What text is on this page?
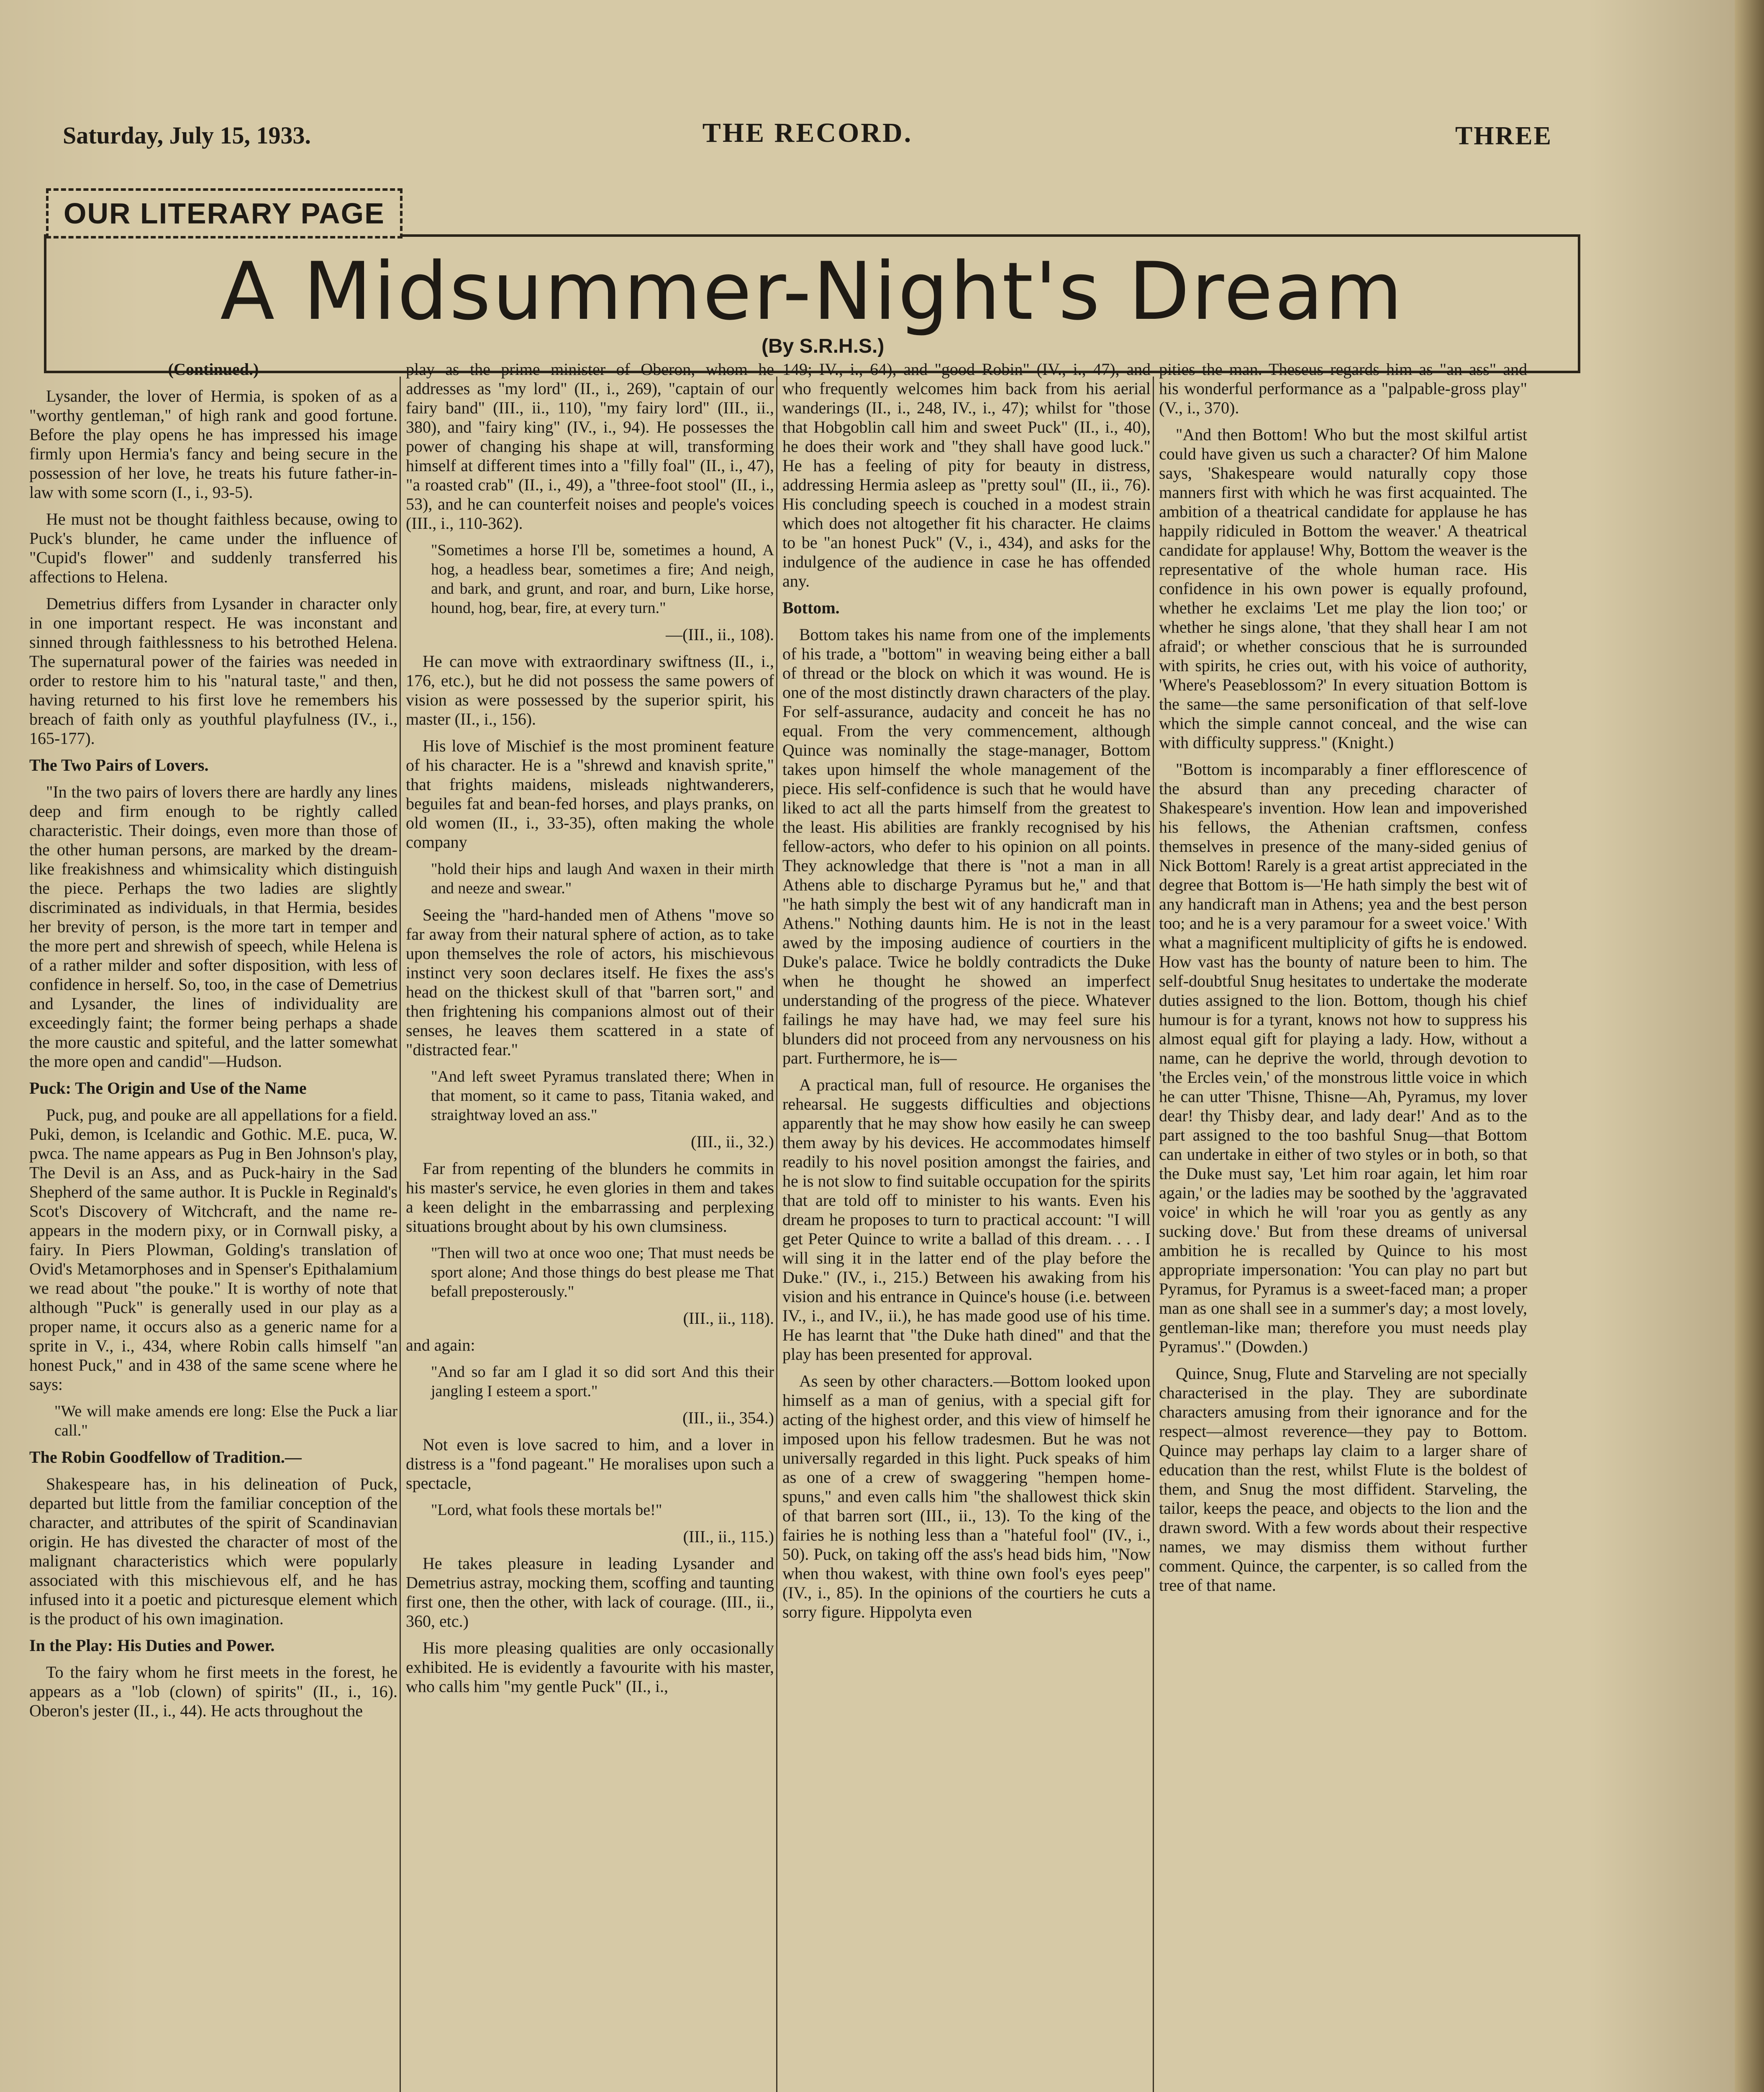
Saturday, July 15, 1933.	THE RECORD.	THREE
A Midsummer-Night's Dream
OUR LITERARY PAGE
(By S.R.H.S.)

(Continued.)

Lysander, the lover of Hermia, is spoken of as a "worthy gentleman," of high rank and good fortune. Before the play opens he has impressed his image firmly upon Hermia's fancy and being secure in the possession of her love, he treats his future father-in-law with some scorn (I., i., 93-5).

He must not be thought faithless because, owing to Puck's blunder, he came under the influence of "Cupid's flower" and suddenly transferred his affections to Helena.

Demetrius differs from Lysander in character only in one important respect. He was inconstant and sinned through faithlessness to his betrothed Helena. The supernatural power of the fairies was needed in order to restore him to his "natural taste," and then, having returned to his first love he remembers his breach of faith only as youthful playfulness (IV., i., 165-177).

The Two Pairs of Lovers.

"In the two pairs of lovers there are hardly any lines deep and firm enough to be rightly called characteristic. Their doings, even more than those of the other human persons, are marked by the dream-like freakishness and whimsicality which distinguish the piece. Perhaps the two ladies are slightly discriminated as individuals, in that Hermia, besides her brevity of person, is the more tart in temper and the more pert and shrewish of speech, while Helena is of a rather milder and softer disposition, with less of confidence in herself. So, too, in the case of Demetrius and Lysander, the lines of individuality are exceedingly faint; the former being perhaps a shade the more caustic and spiteful, and the latter somewhat the more open and candid"—Hudson.

Puck: The Origin and Use of the Name

Puck, pug, and pouke are all appellations for a field. Puki, demon, is Icelandic and Gothic. M.E. puca, W. pwca. The name appears as Pug in Ben Johnson's play, The Devil is an Ass, and as Puck-hairy in the Sad Shepherd of the same author. It is Puckle in Reginald's Scot's Discovery of Witchcraft, and the name re-appears in the modern pixy, or in Cornwall pisky, a fairy. In Piers Plowman, Golding's translation of Ovid's Metamorphoses and in Spenser's Epithalamium we read about "the pouke." It is worthy of note that although "Puck" is generally used in our play as a proper name, it occurs also as a generic name for a sprite in V., i., 434, where Robin calls himself "an honest Puck," and in 438 of the same scene where he says:

"We will make amends ere long: Else the Puck a liar call."

The Robin Goodfellow of Tradition.—

Shakespeare has, in his delineation of Puck, departed but little from the familiar conception of the character, and attributes of the spirit of Scandinavian origin. He has divested the character of most of the malignant characteristics which were popularly associated with this mischievous elf, and he has infused into it a poetic and picturesque element which is the product of his own imagination.

In the Play: His Duties and Power.

To the fairy whom he first meets in the forest, he appears as a "lob (clown) of spirits" (II., i., 16). Oberon's jester (II., i., 44). He acts throughout the

play as the prime minister of Oberon, whom he addresses as "my lord" (II., i., 269), "captain of our fairy band" (III., ii., 110), "my fairy lord" (III., ii., 380), and "fairy king" (IV., i., 94). He possesses the power of changing his shape at will, transforming himself at different times into a "filly foal" (II., i., 47), "a roasted crab" (II., i., 49), a "three-foot stool" (II., i., 53), and he can counterfeit noises and people's voices (III., i., 110-362).

"Sometimes a horse I'll be, sometimes a hound, A hog, a headless bear, sometimes a fire; And neigh, and bark, and grunt, and roar, and burn, Like horse, hound, hog, bear, fire, at every turn."

—(III., ii., 108).

He can move with extraordinary swiftness (II., i., 176, etc.), but he did not possess the same powers of vision as were possessed by the superior spirit, his master (II., i., 156).

His love of Mischief is the most prominent feature of his character. He is a "shrewd and knavish sprite," that frights maidens, misleads nightwanderers, beguiles fat and bean-fed horses, and plays pranks, on old women (II., i., 33-35), often making the whole company

"hold their hips and laugh And waxen in their mirth and neeze and swear."

Seeing the "hard-handed men of Athens "move so far away from their natural sphere of action, as to take upon themselves the role of actors, his mischievous instinct very soon declares itself. He fixes the ass's head on the thickest skull of that "barren sort," and then frightening his companions almost out of their senses, he leaves them scattered in a state of "distracted fear."

"And left sweet Pyramus translated there; When in that moment, so it came to pass, Titania waked, and straightway loved an ass."

(III., ii., 32.)

Far from repenting of the blunders he commits in his master's service, he even glories in them and takes a keen delight in the embarrassing and perplexing situations brought about by his own clumsiness.

"Then will two at once woo one; That must needs be sport alone; And those things do best please me That befall preposterously."

(III., ii., 118).

and again:

"And so far am I glad it so did sort And this their jangling I esteem a sport."

(III., ii., 354.)

Not even is love sacred to him, and a lover in distress is a "fond pageant." He moralises upon such a spectacle,

"Lord, what fools these mortals be!"

(III., ii., 115.)

He takes pleasure in leading Lysander and Demetrius astray, mocking them, scoffing and taunting first one, then the other, with lack of courage. (III., ii., 360, etc.)

His more pleasing qualities are only occasionally exhibited. He is evidently a favourite with his master, who calls him "my gentle Puck" (II., i.,

149; IV., i., 64), and "good Robin" (IV., i., 47), and who frequently welcomes him back from his aerial wanderings (II., i., 248, IV., i., 47); whilst for "those that Hobgoblin call him and sweet Puck" (II., i., 40), he does their work and "they shall have good luck." He has a feeling of pity for beauty in distress, addressing Hermia asleep as "pretty soul" (II., ii., 76). His concluding speech is couched in a modest strain which does not altogether fit his character. He claims to be "an honest Puck" (V., i., 434), and asks for the indulgence of the audience in case he has offended any.

Bottom.

Bottom takes his name from one of the implements of his trade, a "bottom" in weaving being either a ball of thread or the block on which it was wound. He is one of the most distinctly drawn characters of the play. For self-assurance, audacity and conceit he has no equal. From the very commencement, although Quince was nominally the stage-manager, Bottom takes upon himself the whole management of the piece. His self-confidence is such that he would have liked to act all the parts himself from the greatest to the least. His abilities are frankly recognised by his fellow-actors, who defer to his opinion on all points. They acknowledge that there is "not a man in all Athens able to discharge Pyramus but he," and that "he hath simply the best wit of any handicraft man in Athens." Nothing daunts him. He is not in the least awed by the imposing audience of courtiers in the Duke's palace. Twice he boldly contradicts the Duke when he thought he showed an imperfect understanding of the progress of the piece. Whatever failings he may have had, we may feel sure his blunders did not proceed from any nervousness on his part. Furthermore, he is—

A practical man, full of resource. He organises the rehearsal. He suggests difficulties and objections apparently that he may show how easily he can sweep them away by his devices. He accommodates himself readily to his novel position amongst the fairies, and he is not slow to find suitable occupation for the spirits that are told off to minister to his wants. Even his dream he proposes to turn to practical account: "I will get Peter Quince to write a ballad of this dream. . . . I will sing it in the latter end of the play before the Duke." (IV., i., 215.) Between his awaking from his vision and his entrance in Quince's house (i.e. between IV., i., and IV., ii.), he has made good use of his time. He has learnt that "the Duke hath dined" and that the play has been presented for approval.

As seen by other characters.—Bottom looked upon himself as a man of genius, with a special gift for acting of the highest order, and this view of himself he imposed upon his fellow tradesmen. But he was not universally regarded in this light. Puck speaks of him as one of a crew of swaggering "hempen home-spuns," and even calls him "the shallowest thick skin of that barren sort (III., ii., 13). To the king of the fairies he is nothing less than a "hateful fool" (IV., i., 50). Puck, on taking off the ass's head bids him, "Now when thou wakest, with thine own fool's eyes peep" (IV., i., 85). In the opinions of the courtiers he cuts a sorry figure. Hippolyta even

pities the man. Theseus regards him as "an ass" and his wonderful performance as a "palpable-gross play" (V., i., 370).

"And then Bottom! Who but the most skilful artist could have given us such a character? Of him Malone says, 'Shakespeare would naturally copy those manners first with which he was first acquainted. The ambition of a theatrical candidate for applause he has happily ridiculed in Bottom the weaver.' A theatrical candidate for applause! Why, Bottom the weaver is the representative of the whole human race. His confidence in his own power is equally profound, whether he exclaims 'Let me play the lion too;' or whether he sings alone, 'that they shall hear I am not afraid'; or whether conscious that he is surrounded with spirits, he cries out, with his voice of authority, 'Where's Peaseblossom?' In every situation Bottom is the same—the same personification of that self-love which the simple cannot conceal, and the wise can with difficulty suppress." (Knight.)

"Bottom is incomparably a finer efflorescence of the absurd than any preceding character of Shakespeare's invention. How lean and impoverished his fellows, the Athenian craftsmen, confess themselves in presence of the many-sided genius of Nick Bottom! Rarely is a great artist appreciated in the degree that Bottom is—'He hath simply the best wit of any handicraft man in Athens; yea and the best person too; and he is a very paramour for a sweet voice.' With what a magnificent multiplicity of gifts he is endowed. How vast has the bounty of nature been to him. The self-doubtful Snug hesitates to undertake the moderate duties assigned to the lion. Bottom, though his chief humour is for a tyrant, knows not how to suppress his almost equal gift for playing a lady. How, without a name, can he deprive the world, through devotion to 'the Ercles vein,' of the monstrous little voice in which he can utter 'Thisne, Thisne—Ah, Pyramus, my lover dear! thy Thisby dear, and lady dear!' And as to the part assigned to the too bashful Snug—that Bottom can undertake in either of two styles or in both, so that the Duke must say, 'Let him roar again, let him roar again,' or the ladies may be soothed by the 'aggravated voice' in which he will 'roar you as gently as any sucking dove.' But from these dreams of universal ambition he is recalled by Quince to his most appropriate impersonation: 'You can play no part but Pyramus, for Pyramus is a sweet-faced man; a proper man as one shall see in a summer's day; a most lovely, gentleman-like man; therefore you must needs play Pyramus'." (Dowden.)

Quince, Snug, Flute and Starveling are not specially characterised in the play. They are subordinate characters amusing from their ignorance and for the respect—almost reverence—they pay to Bottom. Quince may perhaps lay claim to a larger share of education than the rest, whilst Flute is the boldest of them, and Snug the most diffident. Starveling, the tailor, keeps the peace, and objects to the lion and the drawn sword. With a few words about their respective names, we may dismiss them without further comment. Quince, the carpenter, is so called from the tree of that name.
